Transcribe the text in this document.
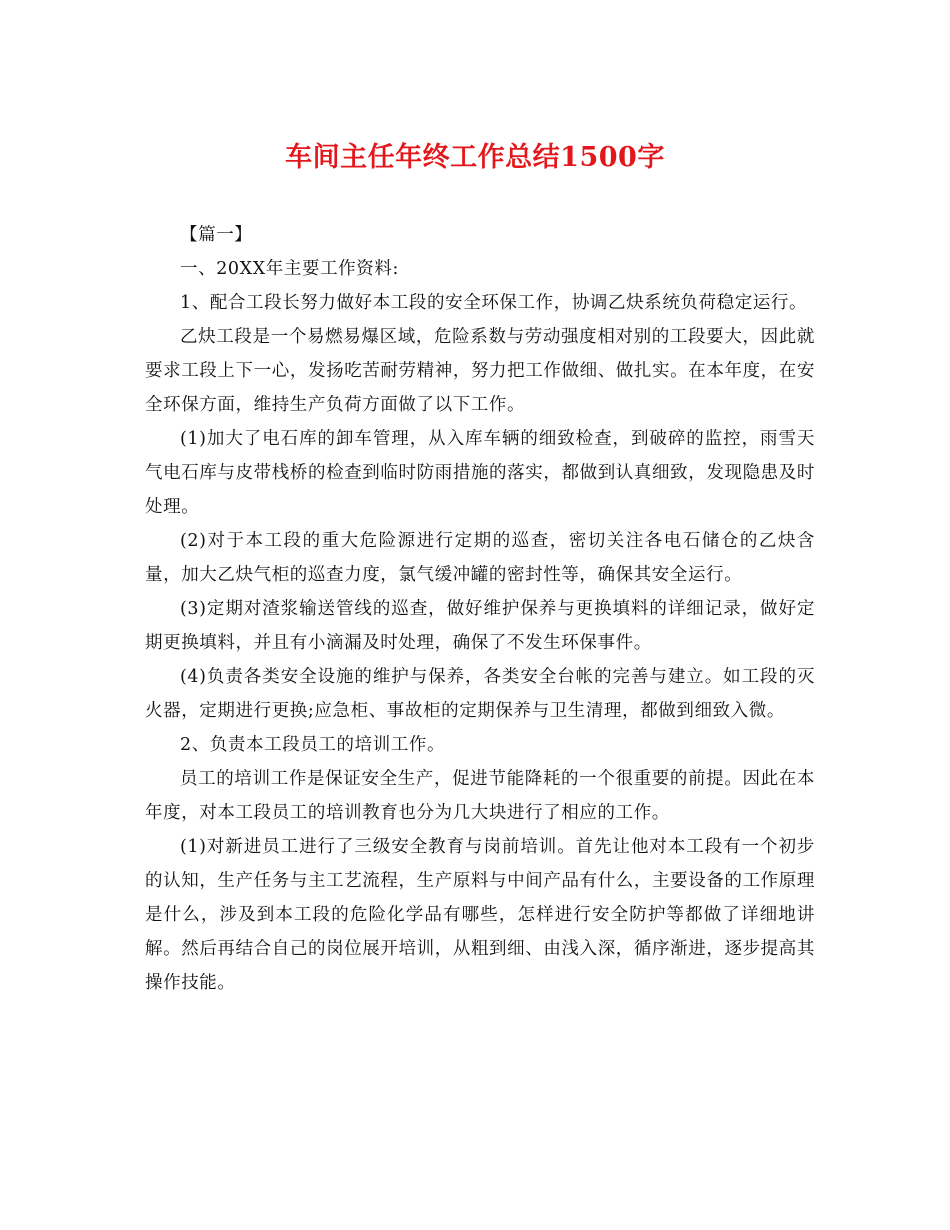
车间主任年终工作总结1500字

【篇一】

一、20XX年主要工作资料:

1、配合工段长努力做好本工段的安全环保工作，协调乙炔系统负荷稳定运行。

乙炔工段是一个易燃易爆区域，危险系数与劳动强度相对别的工段要大，因此就要求工段上下一心，发扬吃苦耐劳精神，努力把工作做细、做扎实。在本年度，在安全环保方面，维持生产负荷方面做了以下工作。

(1)加大了电石库的卸车管理，从入库车辆的细致检查，到破碎的监控，雨雪天气电石库与皮带栈桥的检查到临时防雨措施的落实，都做到认真细致，发现隐患及时处理。

(2)对于本工段的重大危险源进行定期的巡查，密切关注各电石储仓的乙炔含量，加大乙炔气柜的巡查力度，氯气缓冲罐的密封性等，确保其安全运行。

(3)定期对渣浆输送管线的巡查，做好维护保养与更换填料的详细记录，做好定期更换填料，并且有小滴漏及时处理，确保了不发生环保事件。

(4)负责各类安全设施的维护与保养，各类安全台帐的完善与建立。如工段的灭火器，定期进行更换;应急柜、事故柜的定期保养与卫生清理，都做到细致入微。

2、负责本工段员工的培训工作。

员工的培训工作是保证安全生产，促进节能降耗的一个很重要的前提。因此在本年度，对本工段员工的培训教育也分为几大块进行了相应的工作。

(1)对新进员工进行了三级安全教育与岗前培训。首先让他对本工段有一个初步的认知，生产任务与主工艺流程，生产原料与中间产品有什么，主要设备的工作原理是什么，涉及到本工段的危险化学品有哪些，怎样进行安全防护等都做了详细地讲解。然后再结合自己的岗位展开培训，从粗到细、由浅入深，循序渐进，逐步提高其操作技能。
